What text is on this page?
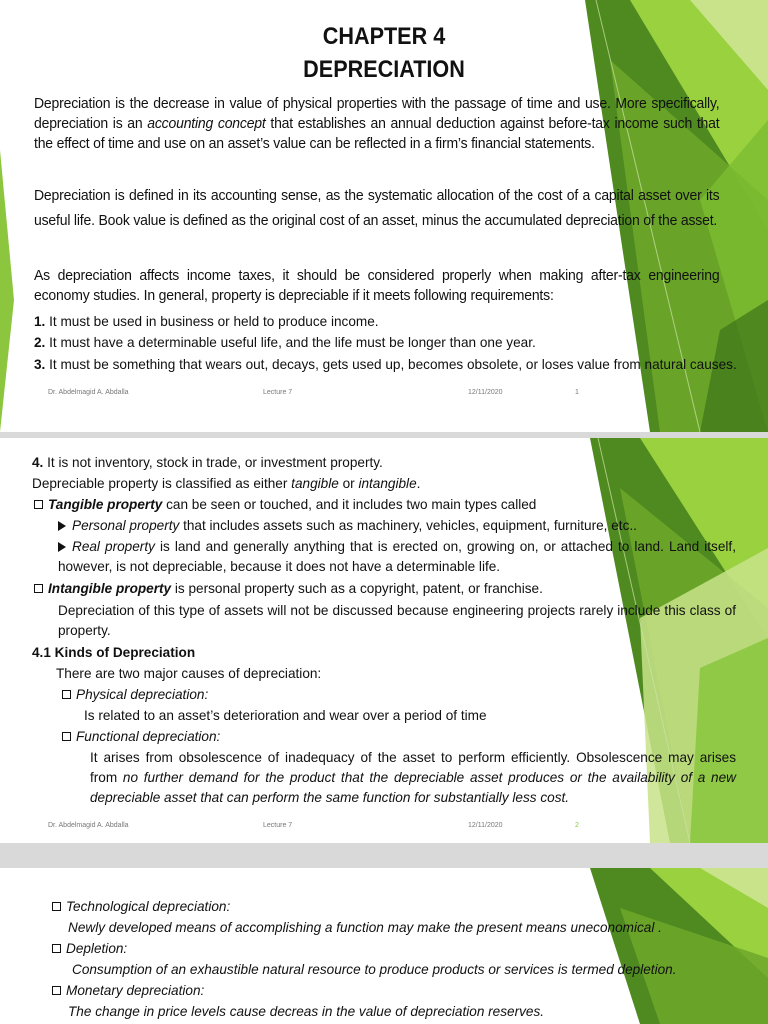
CHAPTER 4
DEPRECIATION
Depreciation is the decrease in value of physical properties with the passage of time and use. More specifically, depreciation is an accounting concept that establishes an annual deduction against before-tax income such that the effect of time and use on an asset’s value can be reflected in a firm’s financial statements.
Depreciation is defined in its accounting sense, as the systematic allocation of the cost of a capital asset over its useful life. Book value is defined as the original cost of an asset, minus the accumulated depreciation of the asset.
As depreciation affects income taxes, it should be considered properly when making after-tax engineering economy studies. In general, property is depreciable if it meets following requirements:
1. It must be used in business or held to produce income.
2. It must have a determinable useful life, and the life must be longer than one year.
3. It must be something that wears out, decays, gets used up, becomes obsolete, or loses value from natural causes.
Dr. Abdelmagid A. Abdalla	Lecture 7	12/11/2020	1
4. It is not inventory, stock in trade, or investment property.
Depreciable property is classified as either tangible or intangible.
Tangible property can be seen or touched, and it includes two main types called
Personal property that includes assets such as machinery, vehicles, equipment, furniture, etc..
Real property is land and generally anything that is erected on, growing on, or attached to land. Land itself, however, is not depreciable, because it does not have a determinable life.
Intangible property is personal property such as a copyright, patent, or franchise.
Depreciation of this type of assets will not be discussed because engineering projects rarely include this class of property.
4.1 Kinds of Depreciation
There are two major causes of depreciation:
Physical depreciation:
Is related to an asset’s deterioration and wear over a period of time
Functional depreciation:
It arises from obsolescence of inadequacy of the asset to perform efficiently. Obsolescence may arises from no further demand for the product that the depreciable asset produces or the availability of a new depreciable asset that can perform the same function for substantially less cost.
Dr. Abdelmagid A. Abdalla	Lecture 7	12/11/2020	2
Technological depreciation:
Newly developed means of accomplishing a function may make the present means uneconomical .
Depletion:
Consumption of an exhaustible natural resource to produce products or services is termed depletion.
Monetary depreciation:
The change in price levels cause decreas in the value of depreciation reserves.
